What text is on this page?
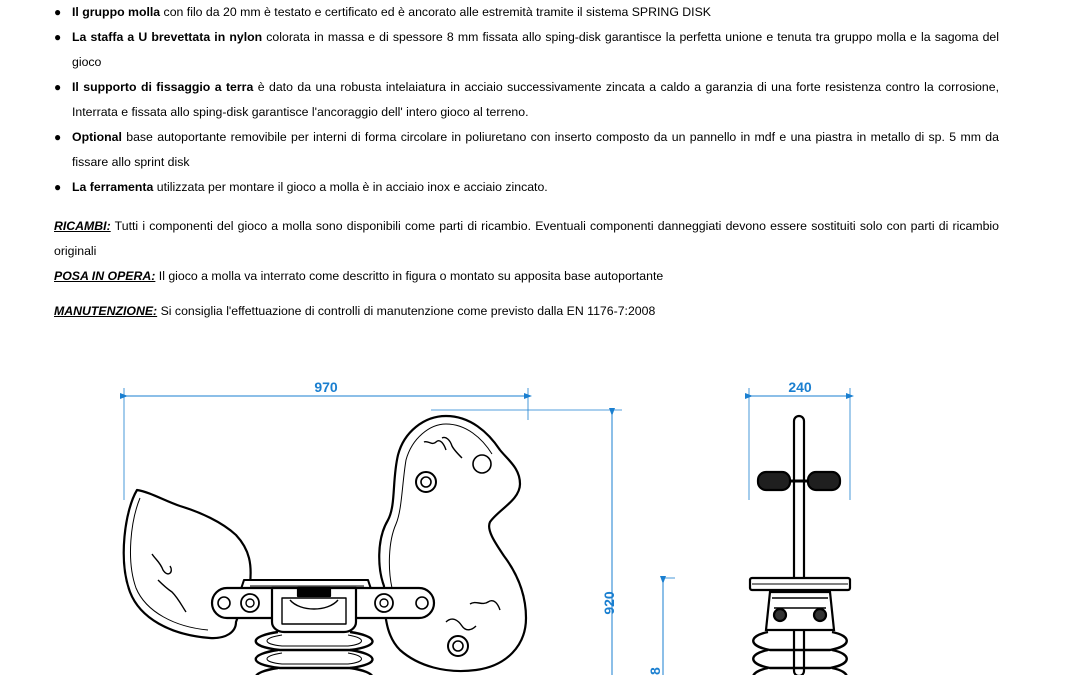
● Il gruppo molla con filo da 20 mm è testato e certificato ed è ancorato alle estremità tramite il sistema SPRING DISK
● La staffa a U brevettata in nylon colorata in massa e di spessore 8 mm fissata allo sping-disk garantisce la perfetta unione e tenuta tra gruppo molla e la sagoma del gioco
● Il supporto di fissaggio a terra è dato da una robusta intelaiatura in acciaio successivamente zincata a caldo a garanzia di una forte resistenza contro la corrosione, Interrata e fissata allo sping-disk garantisce l'ancoraggio dell' intero gioco al terreno.
● Optional base autoportante removibile per interni di forma circolare in poliuretano con inserto composto da un pannello in mdf e una piastra in metallo di sp. 5 mm da fissare allo sprint disk
● La ferramenta utilizzata per montare il gioco a molla è in acciaio inox e acciaio zincato.
RICAMBI: Tutti i componenti del gioco a molla sono disponibili come parti di ricambio. Eventuali componenti danneggiati devono essere sostituiti solo con parti di ricambio originali
POSA IN OPERA: Il gioco a molla va interrato come descritto in figura o montato su apposita base autoportante
MANUTENZIONE: Si consiglia l'effettuazione di controlli di manutenzione come previsto dalla EN 1176-7:2008
970
920
8
240
